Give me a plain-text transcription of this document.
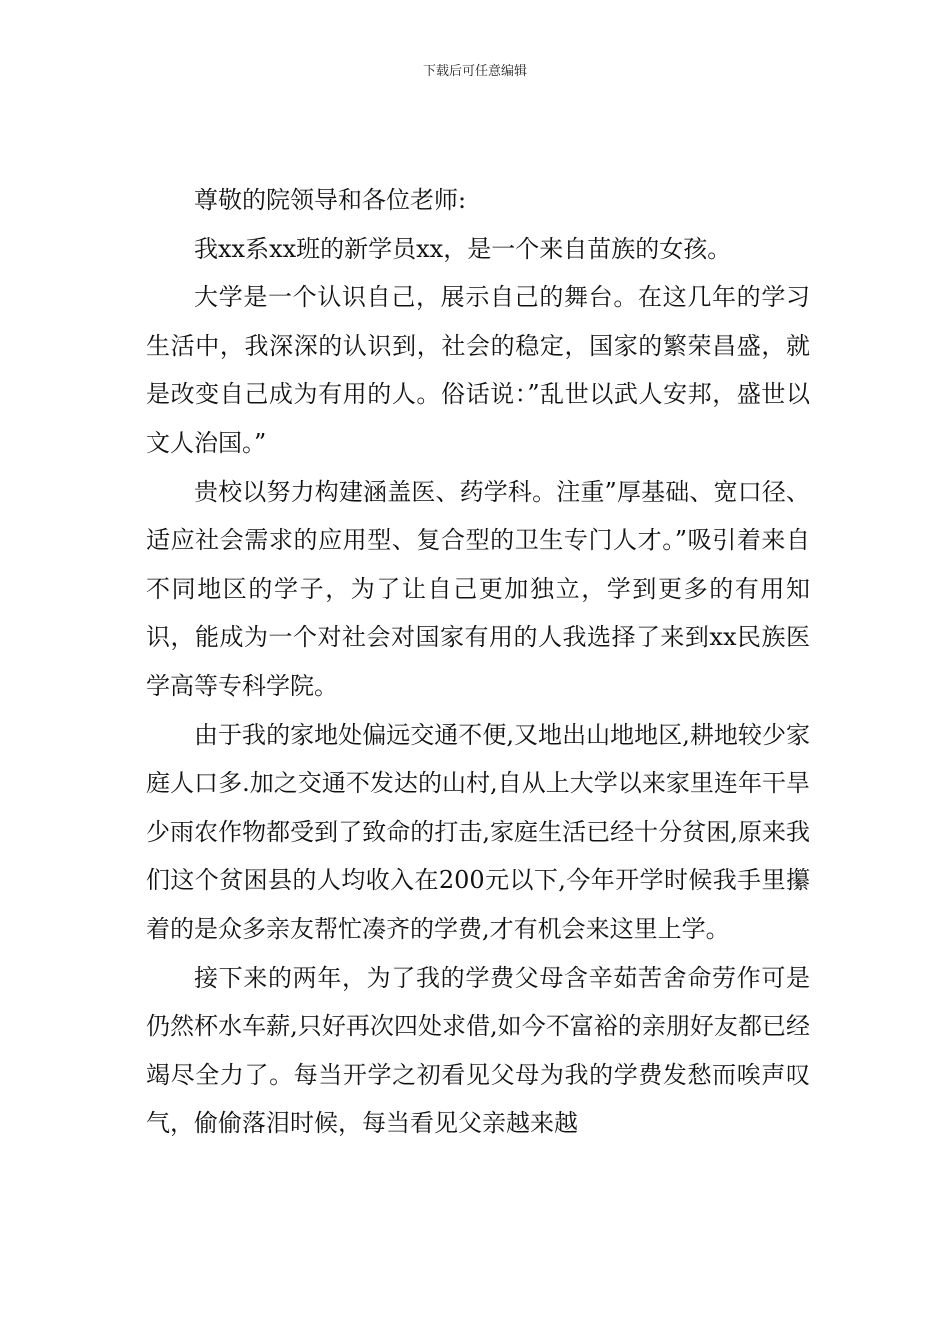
下载后可任意编辑

尊敬的院领导和各位老师:

我xx系xx班的新学员xx，是一个来自苗族的女孩。

大学是一个认识自己，展示自己的舞台。在这几年的学习生活中，我深深的认识到，社会的稳定，国家的繁荣昌盛，就是改变自己成为有用的人。俗话说：”乱世以武人安邦，盛世以文人治国。”

贵校以努力构建涵盖医、药学科。注重”厚基础、宽口径、适应社会需求的应用型、复合型的卫生专门人才。”吸引着来自不同地区的学子，为了让自己更加独立，学到更多的有用知识，能成为一个对社会对国家有用的人我选择了来到xx民族医学高等专科学院。

由于我的家地处偏远交通不便,又地出山地地区,耕地较少家庭人口多.加之交通不发达的山村,自从上大学以来家里连年干旱少雨农作物都受到了致命的打击,家庭生活已经十分贫困,原来我们这个贫困县的人均收入在200元以下,今年开学时候我手里攥着的是众多亲友帮忙凑齐的学费,才有机会来这里上学。

接下来的两年，为了我的学费父母含辛茹苦舍命劳作可是仍然杯水车薪,只好再次四处求借,如今不富裕的亲朋好友都已经竭尽全力了。每当开学之初看见父母为我的学费发愁而唉声叹气，偷偷落泪时候，每当看见父亲越来越
